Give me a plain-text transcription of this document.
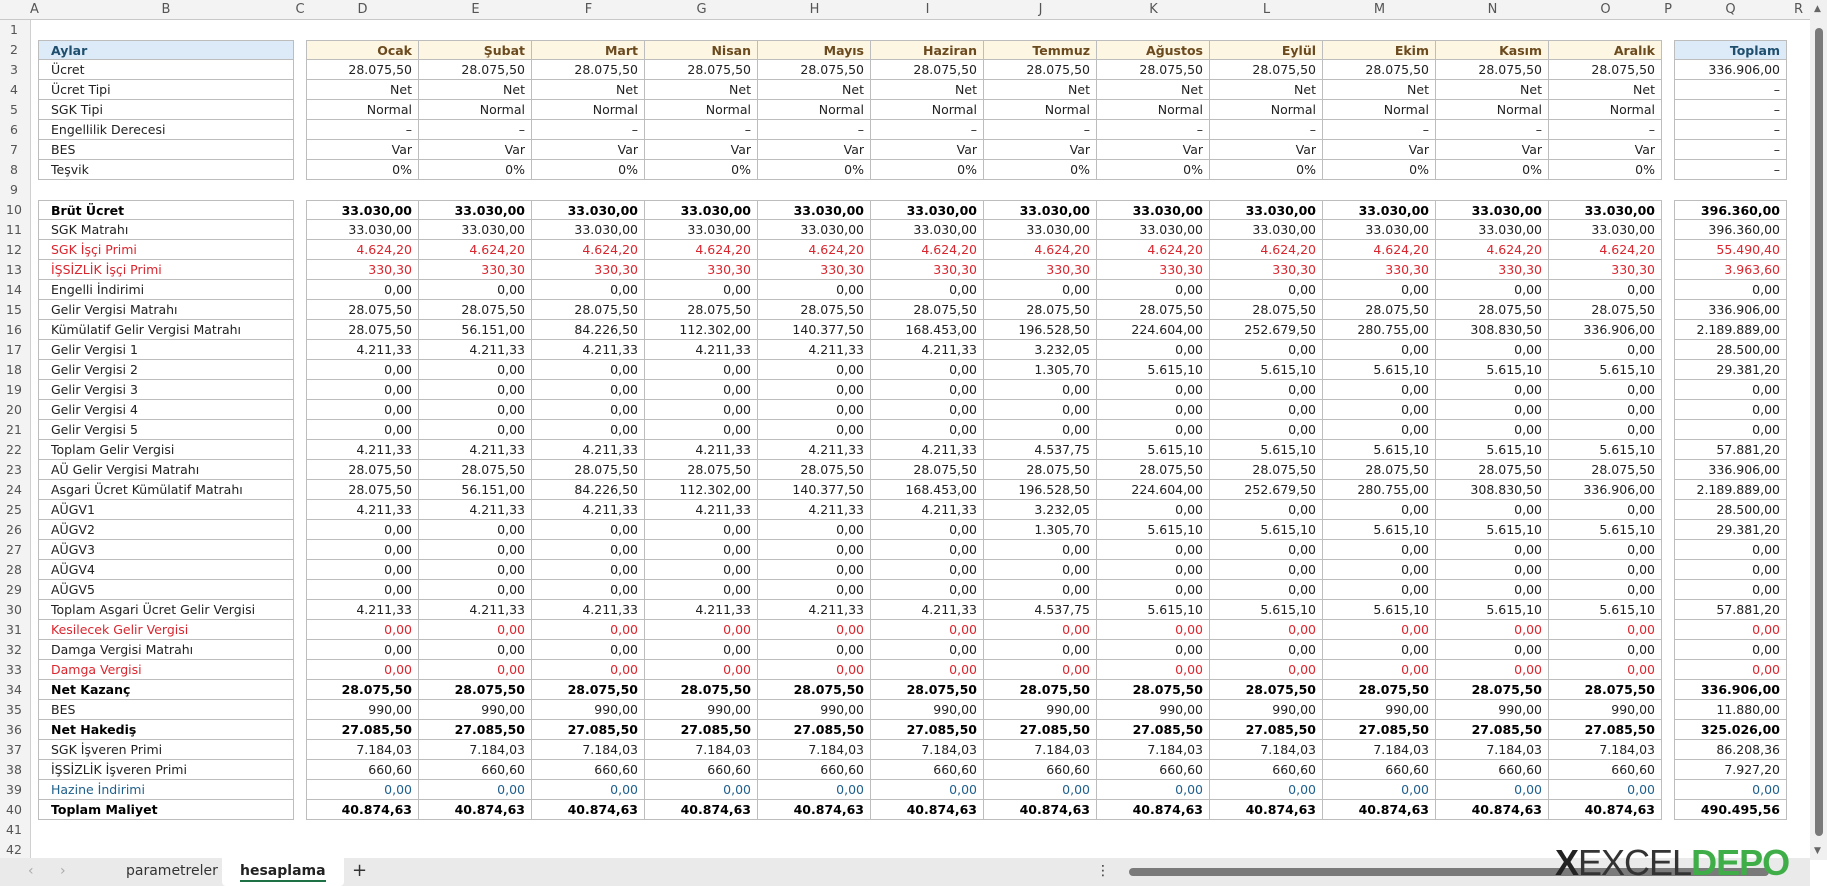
A	B	C	D	E	F	G	H	I	J	K	L	M	N	O	P	Q	R
1
2
3
4
5
6
7
8
9
10
11
12
13
14
15
16
17
18
19
20
21
22
23
24
25
26
27
28
29
30
31
32
33
34
35
36
37
38
39
40
41
42
Aylar	Ocak	Şubat	Mart	Nisan	Mayıs	Haziran	Temmuz	Ağustos	Eylül	Ekim	Kasım	Aralık	Toplam
Ücret	28.075,50	28.075,50	28.075,50	28.075,50	28.075,50	28.075,50	28.075,50	28.075,50	28.075,50	28.075,50	28.075,50	28.075,50	336.906,00
Ücret Tipi	Net	Net	Net	Net	Net	Net	Net	Net	Net	Net	Net	Net	–
SGK Tipi	Normal	Normal	Normal	Normal	Normal	Normal	Normal	Normal	Normal	Normal	Normal	Normal	–
Engellilik Derecesi	–	–	–	–	–	–	–	–	–	–	–	–	–
BES	Var	Var	Var	Var	Var	Var	Var	Var	Var	Var	Var	Var	–
Teşvik	0%	0%	0%	0%	0%	0%	0%	0%	0%	0%	0%	0%	–
Brüt Ücret	33.030,00	33.030,00	33.030,00	33.030,00	33.030,00	33.030,00	33.030,00	33.030,00	33.030,00	33.030,00	33.030,00	33.030,00	396.360,00
SGK Matrahı	33.030,00	33.030,00	33.030,00	33.030,00	33.030,00	33.030,00	33.030,00	33.030,00	33.030,00	33.030,00	33.030,00	33.030,00	396.360,00
SGK İşçi Primi	4.624,20	4.624,20	4.624,20	4.624,20	4.624,20	4.624,20	4.624,20	4.624,20	4.624,20	4.624,20	4.624,20	4.624,20	55.490,40
İŞSİZLİK İşçi Primi	330,30	330,30	330,30	330,30	330,30	330,30	330,30	330,30	330,30	330,30	330,30	330,30	3.963,60
Engelli İndirimi	0,00	0,00	0,00	0,00	0,00	0,00	0,00	0,00	0,00	0,00	0,00	0,00	0,00
Gelir Vergisi Matrahı	28.075,50	28.075,50	28.075,50	28.075,50	28.075,50	28.075,50	28.075,50	28.075,50	28.075,50	28.075,50	28.075,50	28.075,50	336.906,00
Kümülatif Gelir Vergisi Matrahı	28.075,50	56.151,00	84.226,50	112.302,00	140.377,50	168.453,00	196.528,50	224.604,00	252.679,50	280.755,00	308.830,50	336.906,00	2.189.889,00
Gelir Vergisi 1	4.211,33	4.211,33	4.211,33	4.211,33	4.211,33	4.211,33	3.232,05	0,00	0,00	0,00	0,00	0,00	28.500,00
Gelir Vergisi 2	0,00	0,00	0,00	0,00	0,00	0,00	1.305,70	5.615,10	5.615,10	5.615,10	5.615,10	5.615,10	29.381,20
Gelir Vergisi 3	0,00	0,00	0,00	0,00	0,00	0,00	0,00	0,00	0,00	0,00	0,00	0,00	0,00
Gelir Vergisi 4	0,00	0,00	0,00	0,00	0,00	0,00	0,00	0,00	0,00	0,00	0,00	0,00	0,00
Gelir Vergisi 5	0,00	0,00	0,00	0,00	0,00	0,00	0,00	0,00	0,00	0,00	0,00	0,00	0,00
Toplam Gelir Vergisi	4.211,33	4.211,33	4.211,33	4.211,33	4.211,33	4.211,33	4.537,75	5.615,10	5.615,10	5.615,10	5.615,10	5.615,10	57.881,20
AÜ Gelir Vergisi Matrahı	28.075,50	28.075,50	28.075,50	28.075,50	28.075,50	28.075,50	28.075,50	28.075,50	28.075,50	28.075,50	28.075,50	28.075,50	336.906,00
Asgari Ücret Kümülatif Matrahı	28.075,50	56.151,00	84.226,50	112.302,00	140.377,50	168.453,00	196.528,50	224.604,00	252.679,50	280.755,00	308.830,50	336.906,00	2.189.889,00
AÜGV1	4.211,33	4.211,33	4.211,33	4.211,33	4.211,33	4.211,33	3.232,05	0,00	0,00	0,00	0,00	0,00	28.500,00
AÜGV2	0,00	0,00	0,00	0,00	0,00	0,00	1.305,70	5.615,10	5.615,10	5.615,10	5.615,10	5.615,10	29.381,20
AÜGV3	0,00	0,00	0,00	0,00	0,00	0,00	0,00	0,00	0,00	0,00	0,00	0,00	0,00
AÜGV4	0,00	0,00	0,00	0,00	0,00	0,00	0,00	0,00	0,00	0,00	0,00	0,00	0,00
AÜGV5	0,00	0,00	0,00	0,00	0,00	0,00	0,00	0,00	0,00	0,00	0,00	0,00	0,00
Toplam Asgari Ücret Gelir Vergisi	4.211,33	4.211,33	4.211,33	4.211,33	4.211,33	4.211,33	4.537,75	5.615,10	5.615,10	5.615,10	5.615,10	5.615,10	57.881,20
Kesilecek Gelir Vergisi	0,00	0,00	0,00	0,00	0,00	0,00	0,00	0,00	0,00	0,00	0,00	0,00	0,00
Damga Vergisi Matrahı	0,00	0,00	0,00	0,00	0,00	0,00	0,00	0,00	0,00	0,00	0,00	0,00	0,00
Damga Vergisi	0,00	0,00	0,00	0,00	0,00	0,00	0,00	0,00	0,00	0,00	0,00	0,00	0,00
Net Kazanç	28.075,50	28.075,50	28.075,50	28.075,50	28.075,50	28.075,50	28.075,50	28.075,50	28.075,50	28.075,50	28.075,50	28.075,50	336.906,00
BES	990,00	990,00	990,00	990,00	990,00	990,00	990,00	990,00	990,00	990,00	990,00	990,00	11.880,00
Net Hakediş	27.085,50	27.085,50	27.085,50	27.085,50	27.085,50	27.085,50	27.085,50	27.085,50	27.085,50	27.085,50	27.085,50	27.085,50	325.026,00
SGK İşveren Primi	7.184,03	7.184,03	7.184,03	7.184,03	7.184,03	7.184,03	7.184,03	7.184,03	7.184,03	7.184,03	7.184,03	7.184,03	86.208,36
İŞSİZLİK İşveren Primi	660,60	660,60	660,60	660,60	660,60	660,60	660,60	660,60	660,60	660,60	660,60	660,60	7.927,20
Hazine İndirimi	0,00	0,00	0,00	0,00	0,00	0,00	0,00	0,00	0,00	0,00	0,00	0,00	0,00
Toplam Maliyet	40.874,63	40.874,63	40.874,63	40.874,63	40.874,63	40.874,63	40.874,63	40.874,63	40.874,63	40.874,63	40.874,63	40.874,63	490.495,56
▲
▼
‹ ›	parametreler	hesaplama	+	⋮	XEXCELDEPO
